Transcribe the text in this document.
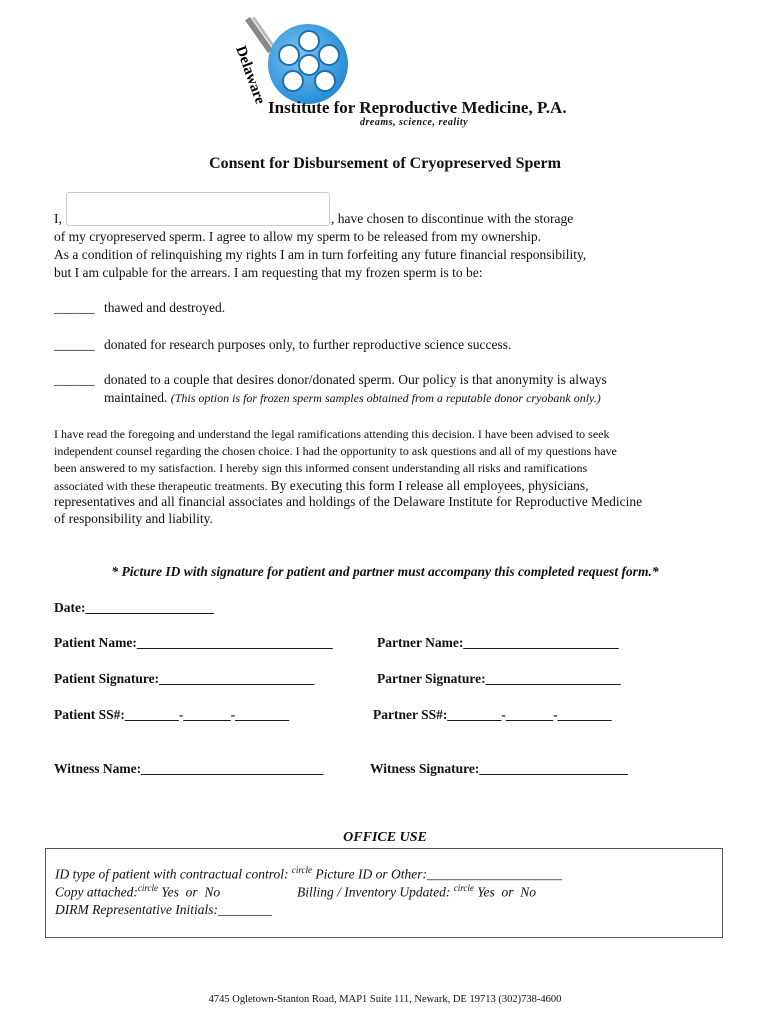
Delaware
Institute for Reproductive Medicine, P.A.
dreams, science, reality
Consent for Disbursement of Cryopreserved Sperm
I,	, have chosen to discontinue with the storage
of my cryopreserved sperm. I agree to allow my sperm to be released from my ownership.
As a condition of relinquishing my rights I am in turn forfeiting any future financial responsibility,
but I am culpable for the arrears. I am requesting that my frozen sperm is to be:
______ thawed and destroyed.
______ donated for research purposes only, to further reproductive science success.
______ donated to a couple that desires donor/donated sperm. Our policy is that anonymity is always
maintained. (This option is for frozen sperm samples obtained from a reputable donor cryobank only.)
I have read the foregoing and understand the legal ramifications attending this decision. I have been advised to seek
independent counsel regarding the chosen choice. I had the opportunity to ask questions and all of my questions have
been answered to my satisfaction. I hereby sign this informed consent understanding all risks and ramifications
associated with these therapeutic treatments. By executing this form I release all employees, physicians,
representatives and all financial associates and holdings of the Delaware Institute for Reproductive Medicine
of responsibility and liability.
* Picture ID with signature for patient and partner must accompany this completed request form.*
Date:___________________
Patient Name:_____________________________	Partner Name:_______________________
Patient Signature:_______________________	Partner Signature:____________________
Patient SS#:________-_______-________	Partner SS#:________-_______-________
Witness Name:___________________________	Witness Signature:______________________
OFFICE USE
ID type of patient with contractual control: $^{circle}$ Picture ID or Other:____________________
Copy attached:$^{circle}$ Yes  or  No	Billing / Inventory Updated: $^{circle}$ Yes  or  No
DIRM Representative Initials:________
4745 Ogletown-Stanton Road, MAP1 Suite 111, Newark, DE 19713 (302)738-4600
